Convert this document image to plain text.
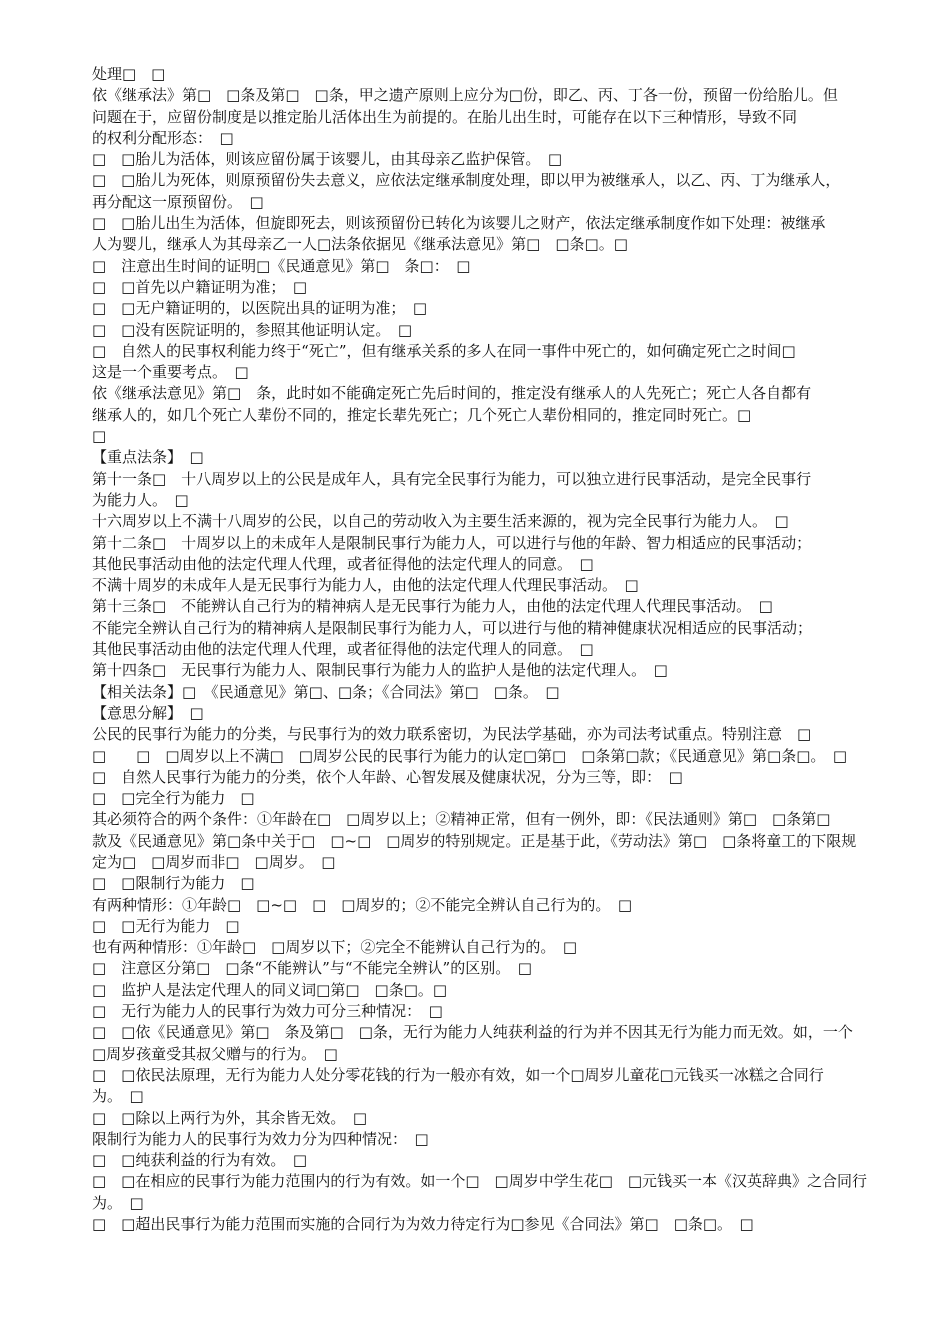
处理□　□
依《继承法》第□　□条及第□　□条，甲之遗产原则上应分为□份，即乙、丙、丁各一份，预留一份给胎儿。但
问题在于，应留份制度是以推定胎儿活体出生为前提的。在胎儿出生时，可能存在以下三种情形，导致不同
的权利分配形态：　□
□　□胎儿为活体，则该应留份属于该婴儿，由其母亲乙监护保管。　□
□　□胎儿为死体，则原预留份失去意义，应依法定继承制度处理，即以甲为被继承人，以乙、丙、丁为继承人，
再分配这一原预留份。　□
□　□胎儿出生为活体，但旋即死去，则该预留份已转化为该婴儿之财产，依法定继承制度作如下处理：被继承
人为婴儿，继承人为其母亲乙一人□法条依据见《继承法意见》第□　□条□。□
□　注意出生时间的证明□《民通意见》第□　条□：　□
□　□首先以户籍证明为准；　□
□　□无户籍证明的，以医院出具的证明为准；　□
□　□没有医院证明的，参照其他证明认定。　□
□　自然人的民事权利能力终于“死亡”，但有继承关系的多人在同一事件中死亡的，如何确定死亡之时间□
这是一个重要考点。　□
依《继承法意见》第□　条，此时如不能确定死亡先后时间的，推定没有继承人的人先死亡；死亡人各自都有
继承人的，如几个死亡人辈份不同的，推定长辈先死亡；几个死亡人辈份相同的，推定同时死亡。□
□
【重点法条】　□
第十一条□　十八周岁以上的公民是成年人，具有完全民事行为能力，可以独立进行民事活动，是完全民事行
为能力人。　□
十六周岁以上不满十八周岁的公民，以自己的劳动收入为主要生活来源的，视为完全民事行为能力人。　□
第十二条□　十周岁以上的未成年人是限制民事行为能力人，可以进行与他的年龄、智力相适应的民事活动；
其他民事活动由他的法定代理人代理，或者征得他的法定代理人的同意。　□
不满十周岁的未成年人是无民事行为能力人，由他的法定代理人代理民事活动。　□
第十三条□　不能辨认自己行为的精神病人是无民事行为能力人，由他的法定代理人代理民事活动。　□
不能完全辨认自己行为的精神病人是限制民事行为能力人，可以进行与他的精神健康状况相适应的民事活动；
其他民事活动由他的法定代理人代理，或者征得他的法定代理人的同意。　□
第十四条□　无民事行为能力人、限制民事行为能力人的监护人是他的法定代理人。　□
【相关法条】□　《民通意见》第□、□条；《合同法》第□　□条。　□
【意思分解】　□
公民的民事行为能力的分类，与民事行为的效力联系密切，为民法学基础，亦为司法考试重点。特别注意　□
□　　□　□周岁以上不满□　□周岁公民的民事行为能力的认定□第□　□条第□款；《民通意见》第□条□。　□
□　自然人民事行为能力的分类，依个人年龄、心智发展及健康状况，分为三等，即：　□
□　□完全行为能力　□
其必须符合的两个条件：①年龄在□　□周岁以上；②精神正常，但有一例外，即：《民法通则》第□　□条第□
款及《民通意见》第□条中关于□　□~□　□周岁的特别规定。正是基于此，《劳动法》第□　□条将童工的下限规
定为□　□周岁而非□　□周岁。　□
□　□限制行为能力　□
有两种情形：①年龄□　□~□　□　□周岁的；②不能完全辨认自己行为的。　□
□　□无行为能力　□
也有两种情形：①年龄□　□周岁以下；②完全不能辨认自己行为的。　□
□　注意区分第□　□条“不能辨认”与“不能完全辨认”的区别。　□
□　监护人是法定代理人的同义词□第□　□条□。□
□　无行为能力人的民事行为效力可分三种情况：　□
□　□依《民通意见》第□　条及第□　□条，无行为能力人纯获利益的行为并不因其无行为能力而无效。如，一个
□周岁孩童受其叔父赠与的行为。　□
□　□依民法原理，无行为能力人处分零花钱的行为一般亦有效，如一个□周岁儿童花□元钱买一冰糕之合同行
为。　□
□　□除以上两行为外，其余皆无效。　□
限制行为能力人的民事行为效力分为四种情况：　□
□　□纯获利益的行为有效。　□
□　□在相应的民事行为能力范围内的行为有效。如一个□　□周岁中学生花□　□元钱买一本《汉英辞典》之合同行
为。　□
□　□超出民事行为能力范围而实施的合同行为为效力待定行为□参见《合同法》第□　□条□。　□
